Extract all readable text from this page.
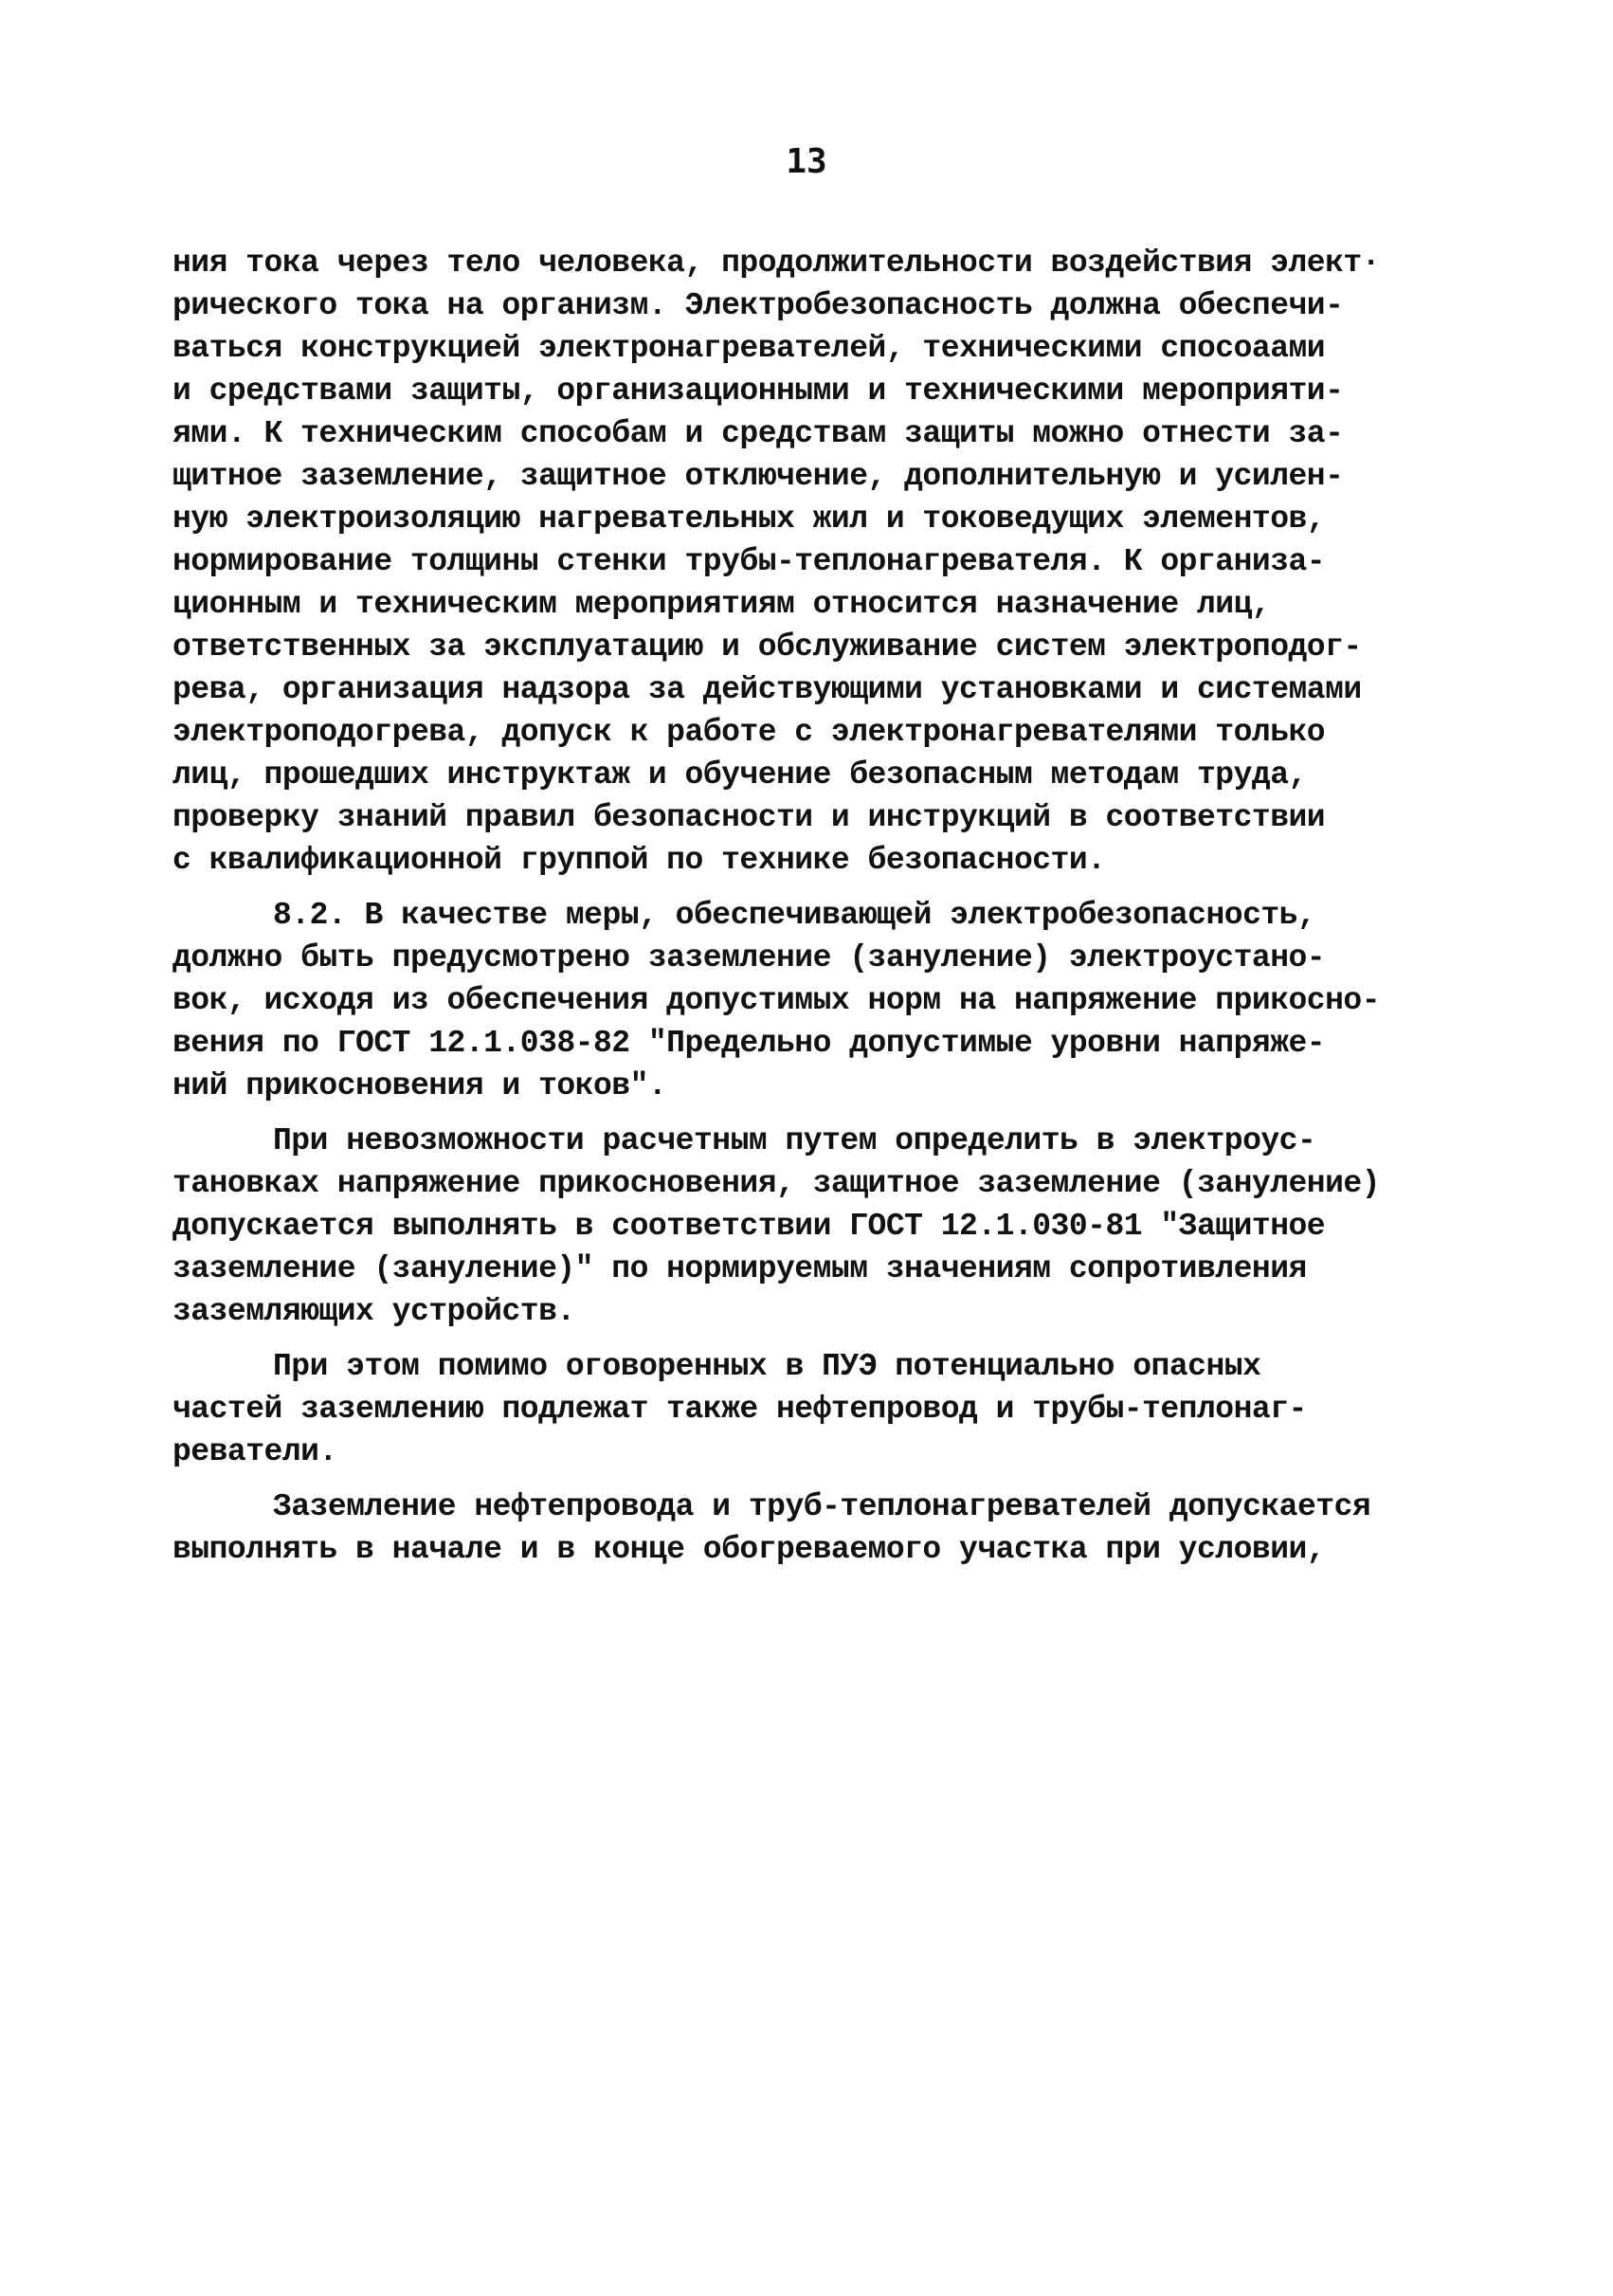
13
ния тока через тело человека, продолжительности воздействия элект·
рического тока на организм. Электробезопасность должна обеспечи-
ваться конструкцией электронагревателей, техническими спосоаами
и средствами защиты, организационными и техническими мероприяти-
ями. К техническим способам и средствам защиты можно отнести за-
щитное заземление, защитное отключение, дополнительную и усилен-
ную электроизоляцию нагревательных жил и токоведущих элементов,
нормирование толщины стенки трубы-теплонагревателя. К организа-
ционным и техническим мероприятиям относится назначение лиц,
ответственных за эксплуатацию и обслуживание систем электроподог-
рева, организация надзора за действующими установками и системами
электроподогрева, допуск к работе с электронагревателями только
лиц, прошедших инструктаж и обучение безопасным методам труда,
проверку знаний правил безопасности и инструкций в соответствии
с квалификационной группой по технике безопасности.
8.2. В качестве меры, обеспечивающей электробезопасность,
должно быть предусмотрено заземление (зануление) электроустано-
вок, исходя из обеспечения допустимых норм на напряжение прикосно-
вения по ГОСТ 12.1.038-82 "Предельно допустимые уровни напряже-
ний прикосновения и токов".
При невозможности расчетным путем определить в электроус-
тановках напряжение прикосновения, защитное заземление (зануление)
допускается выполнять в соответствии ГОСТ 12.1.030-81 "Защитное
заземление (зануление)" по нормируемым значениям сопротивления
заземляющих устройств.
При этом помимо оговоренных в ПУЭ потенциально опасных
частей заземлению подлежат также нефтепровод и трубы-теплонаг-
реватели.
Заземление нефтепровода и труб-теплонагревателей допускается
выполнять в начале и в конце обогреваемого участка при условии,
